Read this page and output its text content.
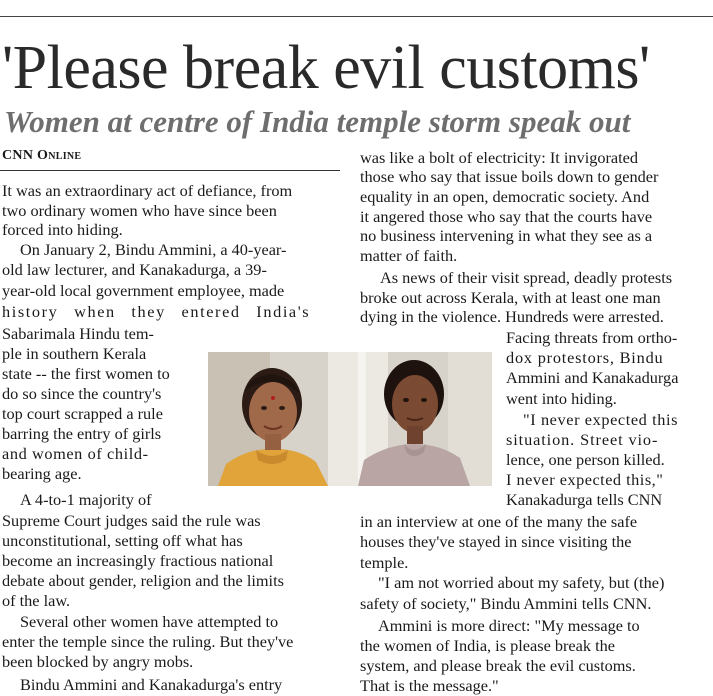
'Please break evil customs'
Women at centre of India temple storm speak out
CNN Online
It was an extraordinary act of defiance, from
two ordinary women who have since been
forced into hiding.
On January 2, Bindu Ammini, a 40-year-
old law lecturer, and Kanakadurga, a 39-
year-old local government employee, made
history when they entered India's
Sabarimala Hindu tem-
ple in southern Kerala
state -- the first women to
do so since the country's
top court scrapped a rule
barring the entry of girls
and women of child-
bearing age.
A 4-to-1 majority of
Supreme Court judges said the rule was
unconstitutional, setting off what has
become an increasingly fractious national
debate about gender, religion and the limits
of the law.
Several other women have attempted to
enter the temple since the ruling. But they've
been blocked by angry mobs.
Bindu Ammini and Kanakadurga's entry
was like a bolt of electricity: It invigorated
those who say that issue boils down to gender
equality in an open, democratic society. And
it angered those who say that the courts have
no business intervening in what they see as a
matter of faith.
As news of their visit spread, deadly protests
broke out across Kerala, with at least one man
dying in the violence. Hundreds were arrested.
Facing threats from ortho-
dox protestors, Bindu
Ammini and Kanakadurga
went into hiding.
"I never expected this
situation. Street vio-
lence, one person killed.
I never expected this,"
Kanakadurga tells CNN
in an interview at one of the many the safe
houses they've stayed in since visiting the
temple.
"I am not worried about my safety, but (the)
safety of society," Bindu Ammini tells CNN.
Ammini is more direct: "My message to
the women of India, is please break the
system, and please break the evil customs.
That is the message."
